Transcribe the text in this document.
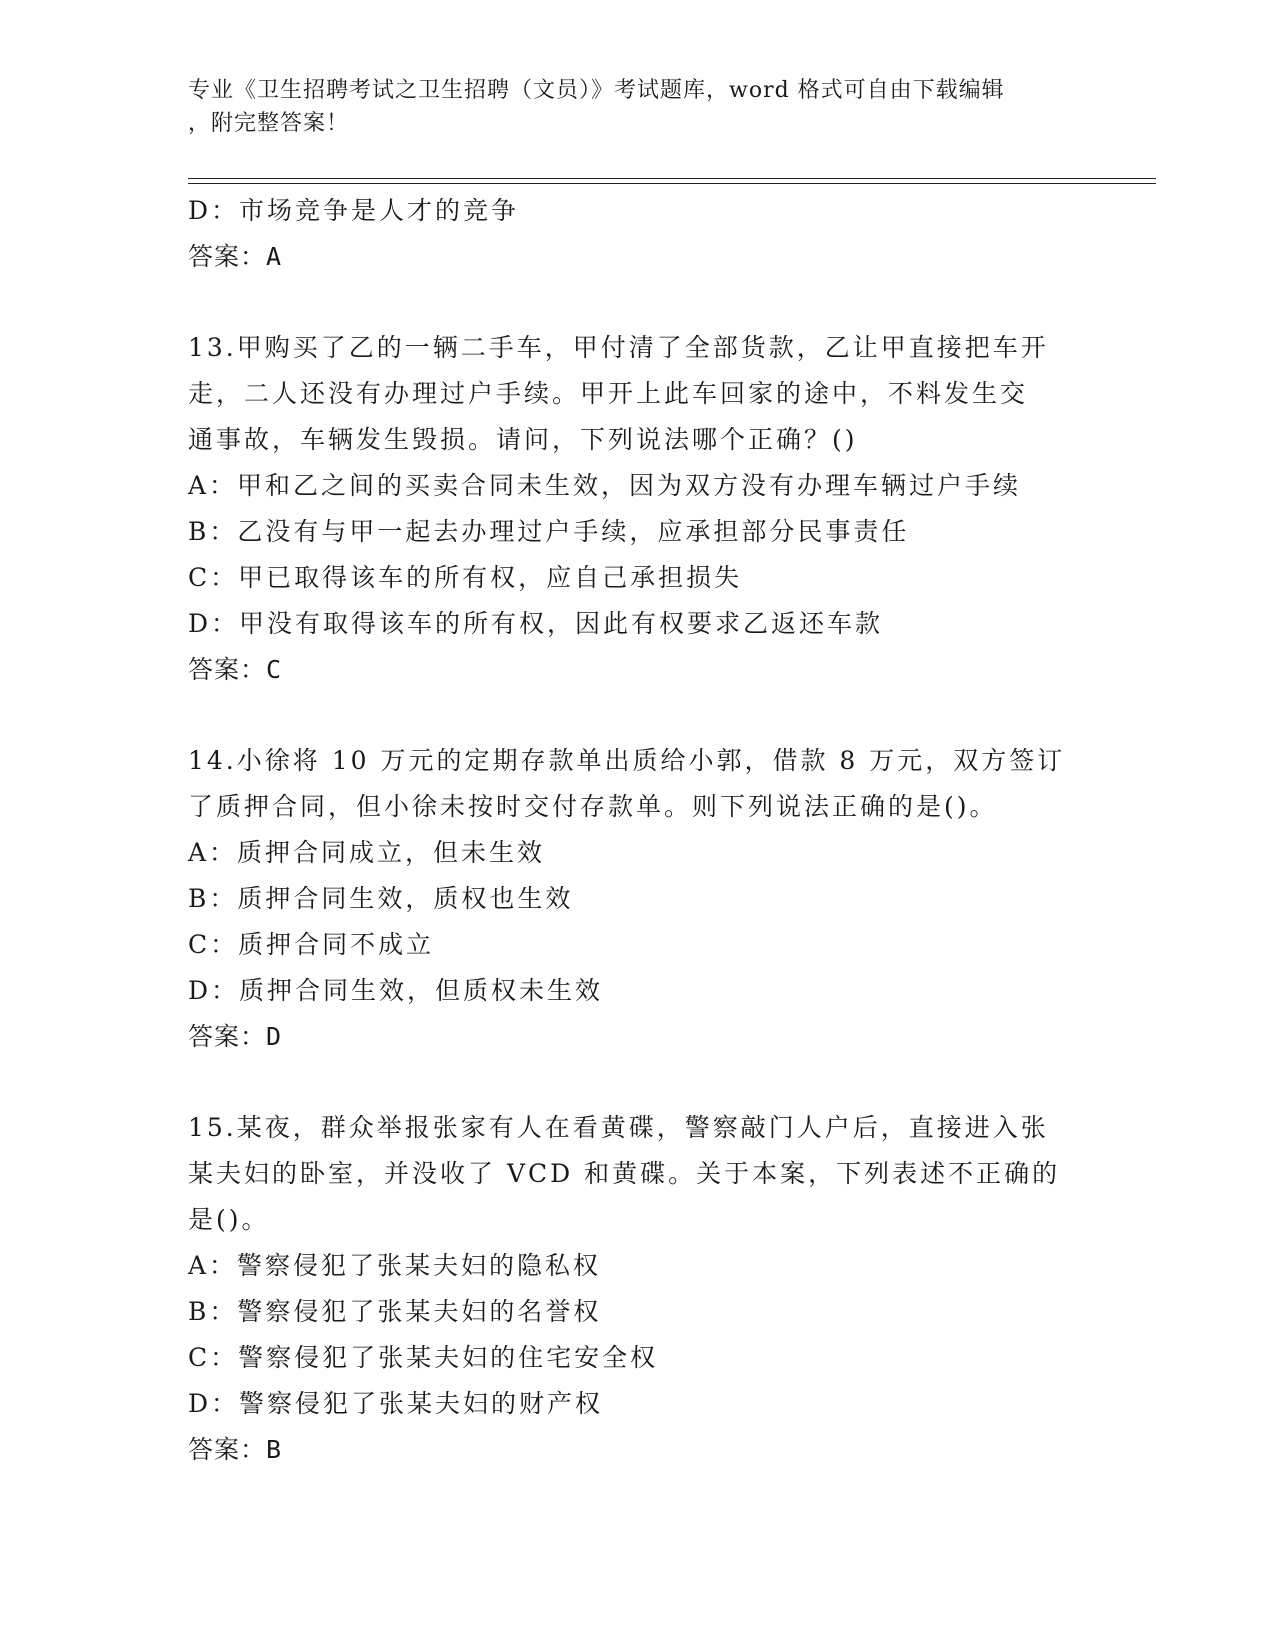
专业《卫生招聘考试之卫生招聘（文员）》考试题库，word 格式可自由下载编辑
，附完整答案！
D：市场竞争是人才的竞争
答案：A
13.甲购买了乙的一辆二手车，甲付清了全部货款，乙让甲直接把车开
走，二人还没有办理过户手续。甲开上此车回家的途中，不料发生交
通事故，车辆发生毁损。请问，下列说法哪个正确？()
A：甲和乙之间的买卖合同未生效，因为双方没有办理车辆过户手续
B：乙没有与甲一起去办理过户手续，应承担部分民事责任
C：甲已取得该车的所有权，应自己承担损失
D：甲没有取得该车的所有权，因此有权要求乙返还车款
答案：C
14.小徐将 10 万元的定期存款单出质给小郭，借款 8 万元，双方签订
了质押合同，但小徐未按时交付存款单。则下列说法正确的是()。
A：质押合同成立，但未生效
B：质押合同生效，质权也生效
C：质押合同不成立
D：质押合同生效，但质权未生效
答案：D
15.某夜，群众举报张家有人在看黄碟，警察敲门人户后，直接进入张
某夫妇的卧室，并没收了 VCD 和黄碟。关于本案，下列表述不正确的
是()。
A：警察侵犯了张某夫妇的隐私权
B：警察侵犯了张某夫妇的名誉权
C：警察侵犯了张某夫妇的住宅安全权
D：警察侵犯了张某夫妇的财产权
答案：B
